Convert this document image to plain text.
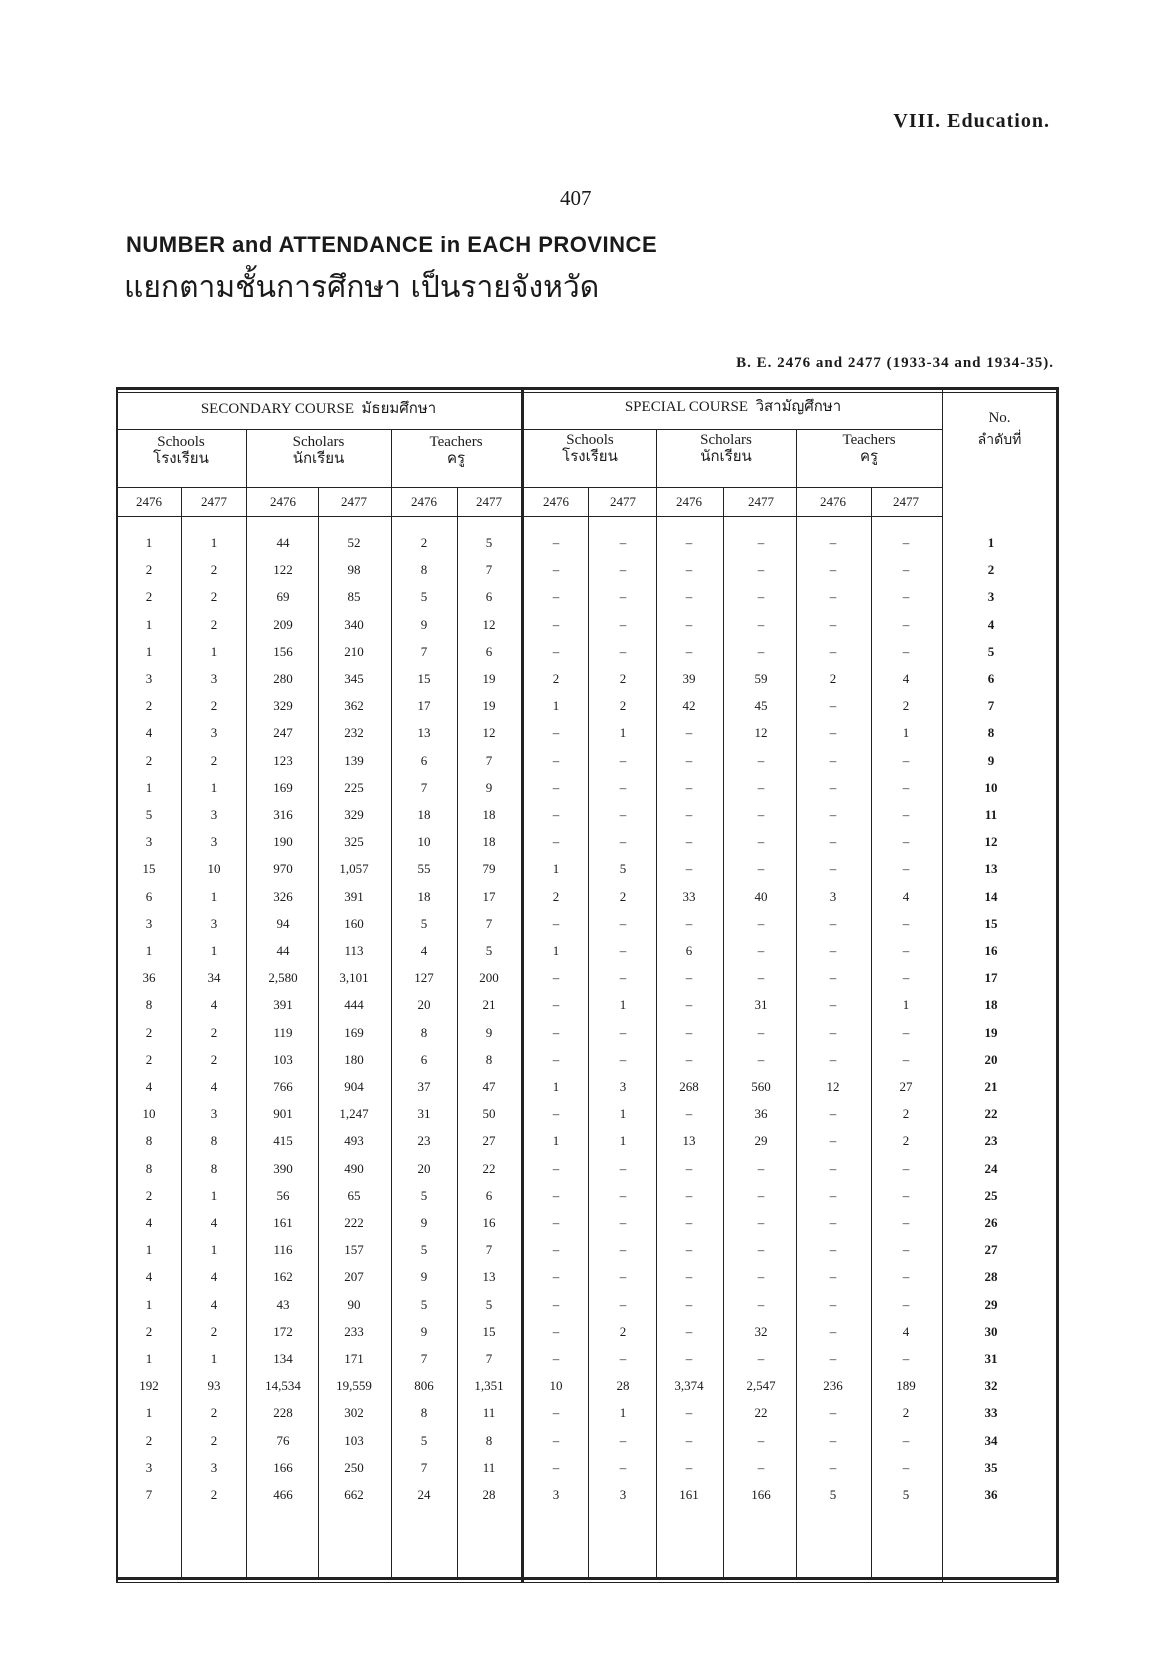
VIII. Education.
407
NUMBER and ATTENDANCE in EACH PROVINCE
แยกตามชั้นการศึกษา เป็นรายจังหวัด
B. E. 2476 and 2477 (1933-34 and 1934-35).
SECONDARY COURSE มัธยมศึกษา	SPECIAL COURSE วิสามัญศึกษา
Schools
โรงเรียน
Scholars
นักเรียน
Teachers
ครู
Schools
โรงเรียน
Scholars
นักเรียน
Teachers
ครู
No.
ลำดับที่
2476	2477	2476	2477	2476	2477	2476	2477	2476	2477	2476	2477
1	1	44	52	2	5	–	–	–	–	–	–	1
2	2	122	98	8	7	–	–	–	–	–	–	2
2	2	69	85	5	6	–	–	–	–	–	–	3
1	2	209	340	9	12	–	–	–	–	–	–	4
1	1	156	210	7	6	–	–	–	–	–	–	5
3	3	280	345	15	19	2	2	39	59	2	4	6
2	2	329	362	17	19	1	2	42	45	–	2	7
4	3	247	232	13	12	–	1	–	12	–	1	8
2	2	123	139	6	7	–	–	–	–	–	–	9
1	1	169	225	7	9	–	–	–	–	–	–	10
5	3	316	329	18	18	–	–	–	–	–	–	11
3	3	190	325	10	18	–	–	–	–	–	–	12
15	10	970	1,057	55	79	1	5	–	–	–	–	13
6	1	326	391	18	17	2	2	33	40	3	4	14
3	3	94	160	5	7	–	–	–	–	–	–	15
1	1	44	113	4	5	1	–	6	–	–	–	16
36	34	2,580	3,101	127	200	–	–	–	–	–	–	17
8	4	391	444	20	21	–	1	–	31	–	1	18
2	2	119	169	8	9	–	–	–	–	–	–	19
2	2	103	180	6	8	–	–	–	–	–	–	20
4	4	766	904	37	47	1	3	268	560	12	27	21
10	3	901	1,247	31	50	–	1	–	36	–	2	22
8	8	415	493	23	27	1	1	13	29	–	2	23
8	8	390	490	20	22	–	–	–	–	–	–	24
2	1	56	65	5	6	–	–	–	–	–	–	25
4	4	161	222	9	16	–	–	–	–	–	–	26
1	1	116	157	5	7	–	–	–	–	–	–	27
4	4	162	207	9	13	–	–	–	–	–	–	28
1	4	43	90	5	5	–	–	–	–	–	–	29
2	2	172	233	9	15	–	2	–	32	–	4	30
1	1	134	171	7	7	–	–	–	–	–	–	31
192	93	14,534	19,559	806	1,351	10	28	3,374	2,547	236	189	32
1	2	228	302	8	11	–	1	–	22	–	2	33
2	2	76	103	5	8	–	–	–	–	–	–	34
3	3	166	250	7	11	–	–	–	–	–	–	35
7	2	466	662	24	28	3	3	161	166	5	5	36
